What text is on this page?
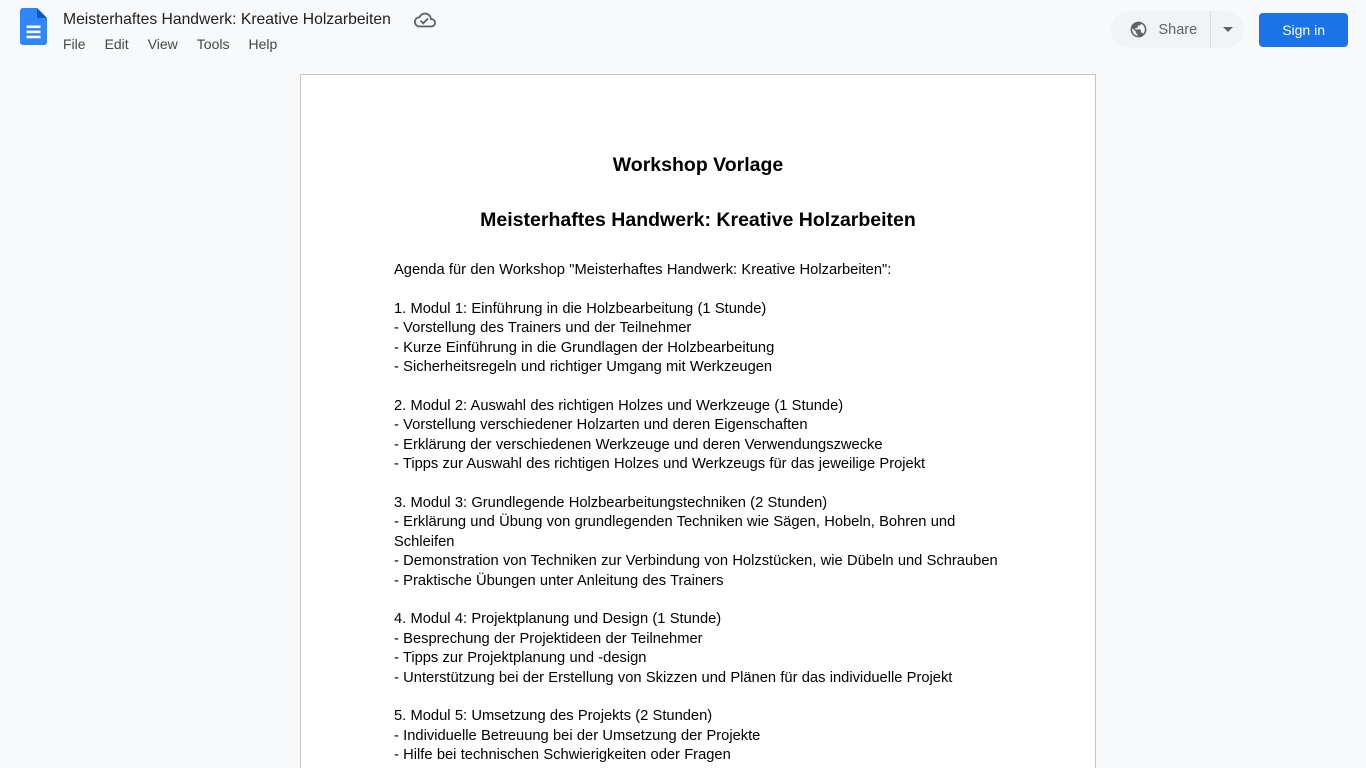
Meisterhaftes Handwerk: Kreative Holzarbeiten
File Edit View Tools Help
Share	Sign in
Workshop Vorlage
Meisterhaftes Handwerk: Kreative Holzarbeiten
Agenda für den Workshop "Meisterhaftes Handwerk: Kreative Holzarbeiten":

1. Modul 1: Einführung in die Holzbearbeitung (1 Stunde)
- Vorstellung des Trainers und der Teilnehmer
- Kurze Einführung in die Grundlagen der Holzbearbeitung
- Sicherheitsregeln und richtiger Umgang mit Werkzeugen

2. Modul 2: Auswahl des richtigen Holzes und Werkzeuge (1 Stunde)
- Vorstellung verschiedener Holzarten und deren Eigenschaften
- Erklärung der verschiedenen Werkzeuge und deren Verwendungszwecke
- Tipps zur Auswahl des richtigen Holzes und Werkzeugs für das jeweilige Projekt

3. Modul 3: Grundlegende Holzbearbeitungstechniken (2 Stunden)
- Erklärung und Übung von grundlegenden Techniken wie Sägen, Hobeln, Bohren und Schleifen
- Demonstration von Techniken zur Verbindung von Holzstücken, wie Dübeln und Schrauben
- Praktische Übungen unter Anleitung des Trainers

4. Modul 4: Projektplanung und Design (1 Stunde)
- Besprechung der Projektideen der Teilnehmer
- Tipps zur Projektplanung und -design
- Unterstützung bei der Erstellung von Skizzen und Plänen für das individuelle Projekt

5. Modul 5: Umsetzung des Projekts (2 Stunden)
- Individuelle Betreuung bei der Umsetzung der Projekte
- Hilfe bei technischen Schwierigkeiten oder Fragen
